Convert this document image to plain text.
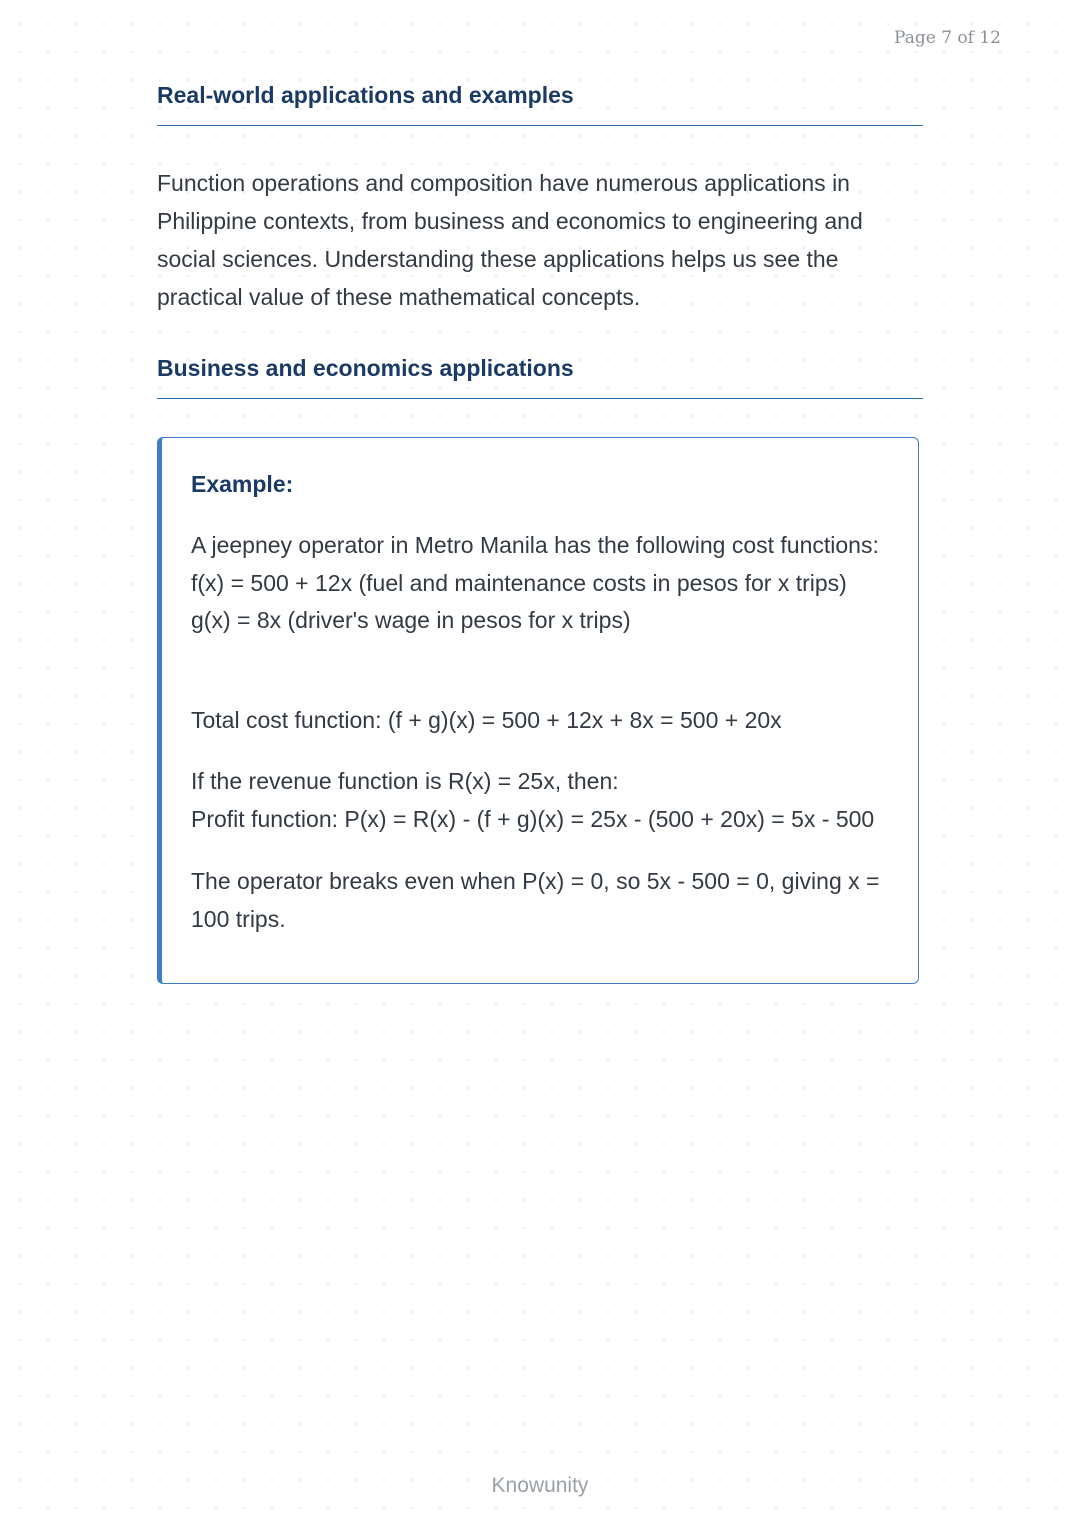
Page 7 of 12
Real-world applications and examples

Function operations and composition have numerous applications in Philippine contexts, from business and economics to engineering and social sciences. Understanding these applications helps us see the practical value of these mathematical concepts.

Business and economics applications
Example:

A jeepney operator in Metro Manila has the following cost functions:
f(x) = 500 + 12x (fuel and maintenance costs in pesos for x trips)
g(x) = 8x (driver's wage in pesos for x trips)

Total cost function: (f + g)(x) = 500 + 12x + 8x = 500 + 20x

If the revenue function is R(x) = 25x, then:
Profit function: P(x) = R(x) - (f + g)(x) = 25x - (500 + 20x) = 5x - 500

The operator breaks even when P(x) = 0, so 5x - 500 = 0, giving x = 100 trips.

Knowunity
